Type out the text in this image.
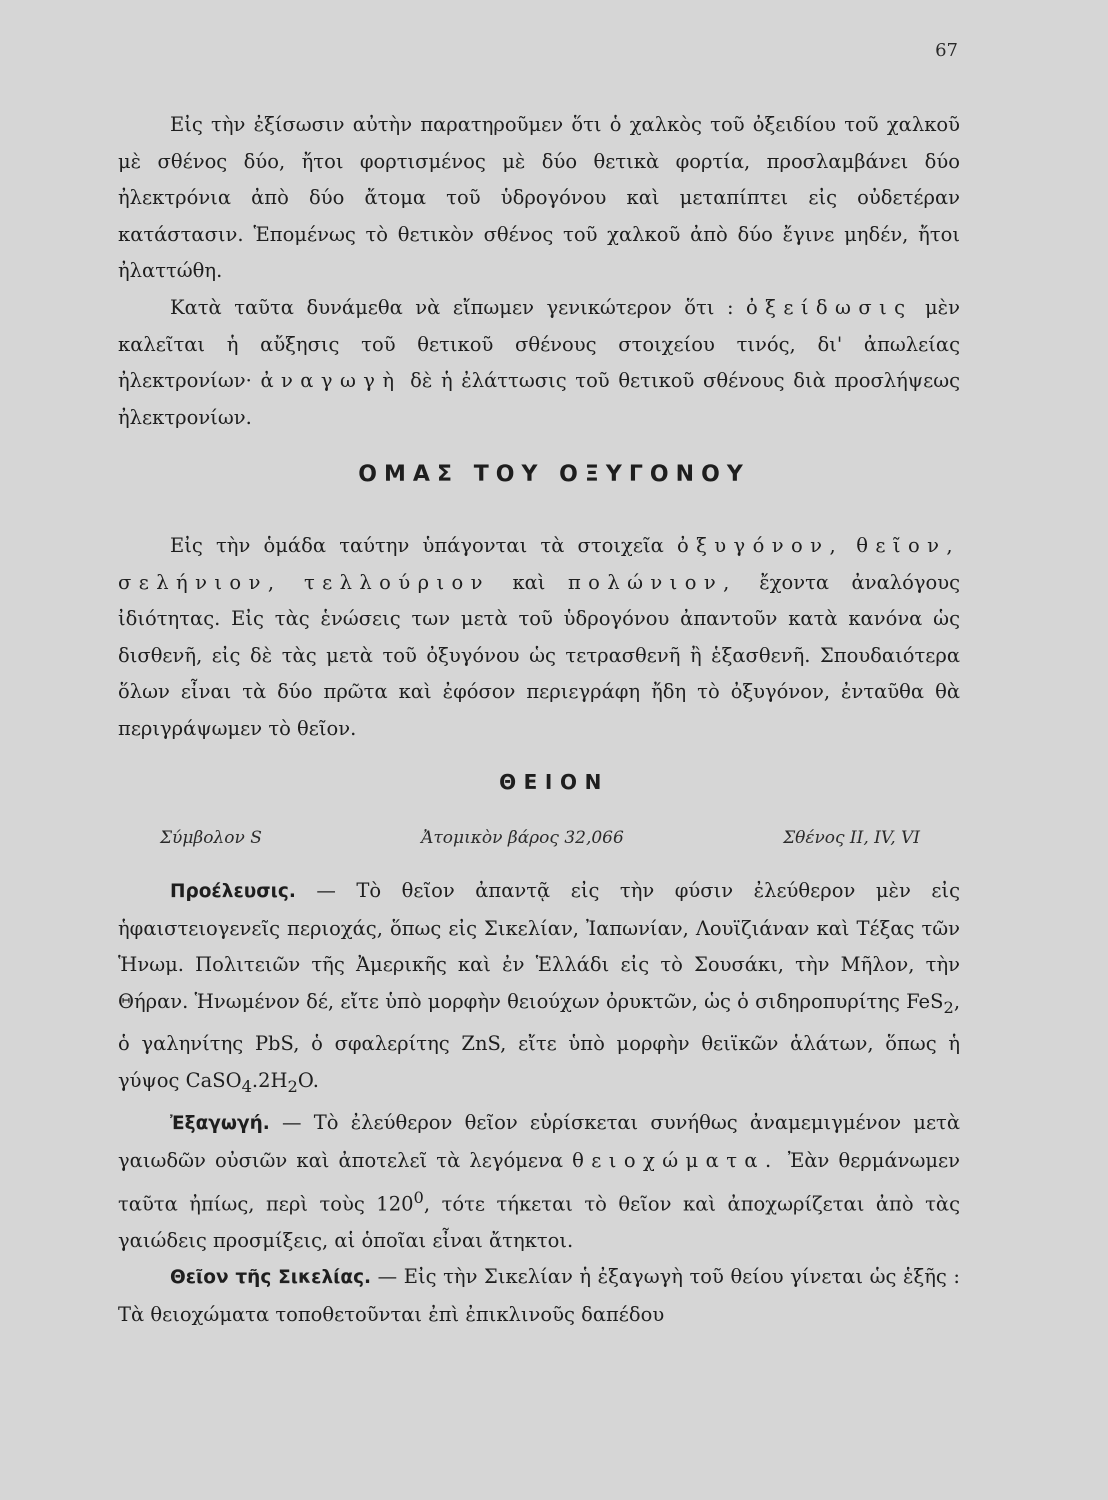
67

Εἰς τὴν ἐξίσωσιν αὐτὴν παρατηροῦμεν ὅτι ὁ χαλκὸς τοῦ ὀξειδίου τοῦ χαλκοῦ μὲ σθένος δύο, ἤτοι φορτισμένος μὲ δύο θετικὰ φορτία, προσλαμβάνει δύο ἠλεκτρόνια ἀπὸ δύο ἄτομα τοῦ ὑδρογόνου καὶ μεταπίπτει εἰς οὐδετέραν κατάστασιν. Ἑπομένως τὸ θετικὸν σθένος τοῦ χαλκοῦ ἀπὸ δύο ἔγινε μηδέν, ἤτοι ἠλαττώθη.

Κατὰ ταῦτα δυνάμεθα νὰ εἴπωμεν γενικώτερον ὅτι : ὀξείδωσις μὲν καλεῖται ἡ αὔξησις τοῦ θετικοῦ σθένους στοιχείου τινός, δι' ἀπωλείας ἠλεκτρονίων· ἀναγωγὴ δὲ ἡ ἐλάττωσις τοῦ θετικοῦ σθένους διὰ προσλήψεως ἠλεκτρονίων.

ΟΜΑΣ ΤΟΥ ΟΞΥΓΟΝΟΥ

Εἰς τὴν ὁμάδα ταύτην ὑπάγονται τὰ στοιχεῖα ὀξυγόνον, θεῖον, σελήνιον, τελλούριον καὶ πολώνιον, ἔχοντα ἀναλόγους ἰδιότητας. Εἰς τὰς ἑνώσεις των μετὰ τοῦ ὑδρογόνου ἀπαντοῦν κατὰ κανόνα ὡς δισθενῆ, εἰς δὲ τὰς μετὰ τοῦ ὀξυγόνου ὡς τετρασθενῆ ἢ ἑξασθενῆ. Σπουδαιότερα ὅλων εἶναι τὰ δύο πρῶτα καὶ ἐφόσον περιεγράφη ἤδη τὸ ὀξυγόνον, ἐνταῦθα θὰ περιγράψωμεν τὸ θεῖον.

ΘΕΙΟΝ
Σύμβολον S	Ἀτομικὸν βάρος 32,066	Σθένος II, IV, VI

Προέλευσις. — Τὸ θεῖον ἀπαντᾷ εἰς τὴν φύσιν ἐλεύθερον μὲν εἰς ἡφαιστειογενεῖς περιοχάς, ὅπως εἰς Σικελίαν, Ἰαπωνίαν, Λουϊζιάναν καὶ Τέξας τῶν Ἡνωμ. Πολιτειῶν τῆς Ἀμερικῆς καὶ ἐν Ἑλλάδι εἰς τὸ Σουσάκι, τὴν Μῆλον, τὴν Θήραν. Ἡνωμένον δέ, εἴτε ὑπὸ μορφὴν θειούχων ὀρυκτῶν, ὡς ὁ σιδηροπυρίτης FeS$_2$, ὁ γαληνίτης PbS, ὁ σφαλερίτης ZnS, εἴτε ὑπὸ μορφὴν θειϊκῶν ἁλάτων, ὅπως ἡ γύψος $CaSO_4.2H_2O$.

Ἐξαγωγή. — Τὸ ἐλεύθερον θεῖον εὑρίσκεται συνήθως ἀναμεμιγμένον μετὰ γαιωδῶν οὐσιῶν καὶ ἀποτελεῖ τὰ λεγόμενα θειοχώματα. Ἐὰν θερμάνωμεν ταῦτα ἠπίως, περὶ τοὺς $120^0$, τότε τήκεται τὸ θεῖον καὶ ἀποχωρίζεται ἀπὸ τὰς γαιώδεις προσμίξεις, αἱ ὁποῖαι εἶναι ἄτηκτοι.

Θεῖον τῆς Σικελίας. — Εἰς τὴν Σικελίαν ἡ ἐξαγωγὴ τοῦ θείου γίνεται ὡς ἑξῆς : Τὰ θειοχώματα τοποθετοῦνται ἐπὶ ἐπικλινοῦς δαπέδου
